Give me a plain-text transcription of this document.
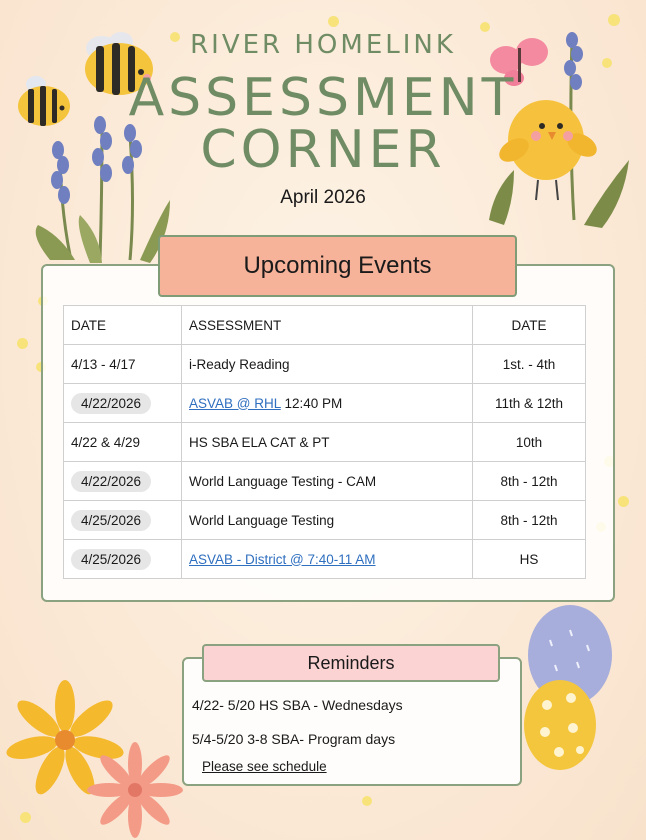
RIVER HOMELINK
ASSESSMENT
CORNER
April 2026
Upcoming Events
DATE	ASSESSMENT	DATE
4/13 - 4/17	i-Ready Reading	1st. - 4th
4/22/2026	ASVAB @ RHL 12:40 PM	11th & 12th
4/22 & 4/29	HS SBA ELA CAT & PT	10th
4/22/2026	World Language Testing - CAM	8th - 12th
4/25/2026	World Language Testing	8th - 12th
4/25/2026	ASVAB - District @ 7:40-11 AM	HS
Reminders
4/22- 5/20 HS SBA - Wednesdays
5/4-5/20 3-8 SBA- Program days
Please see schedule
